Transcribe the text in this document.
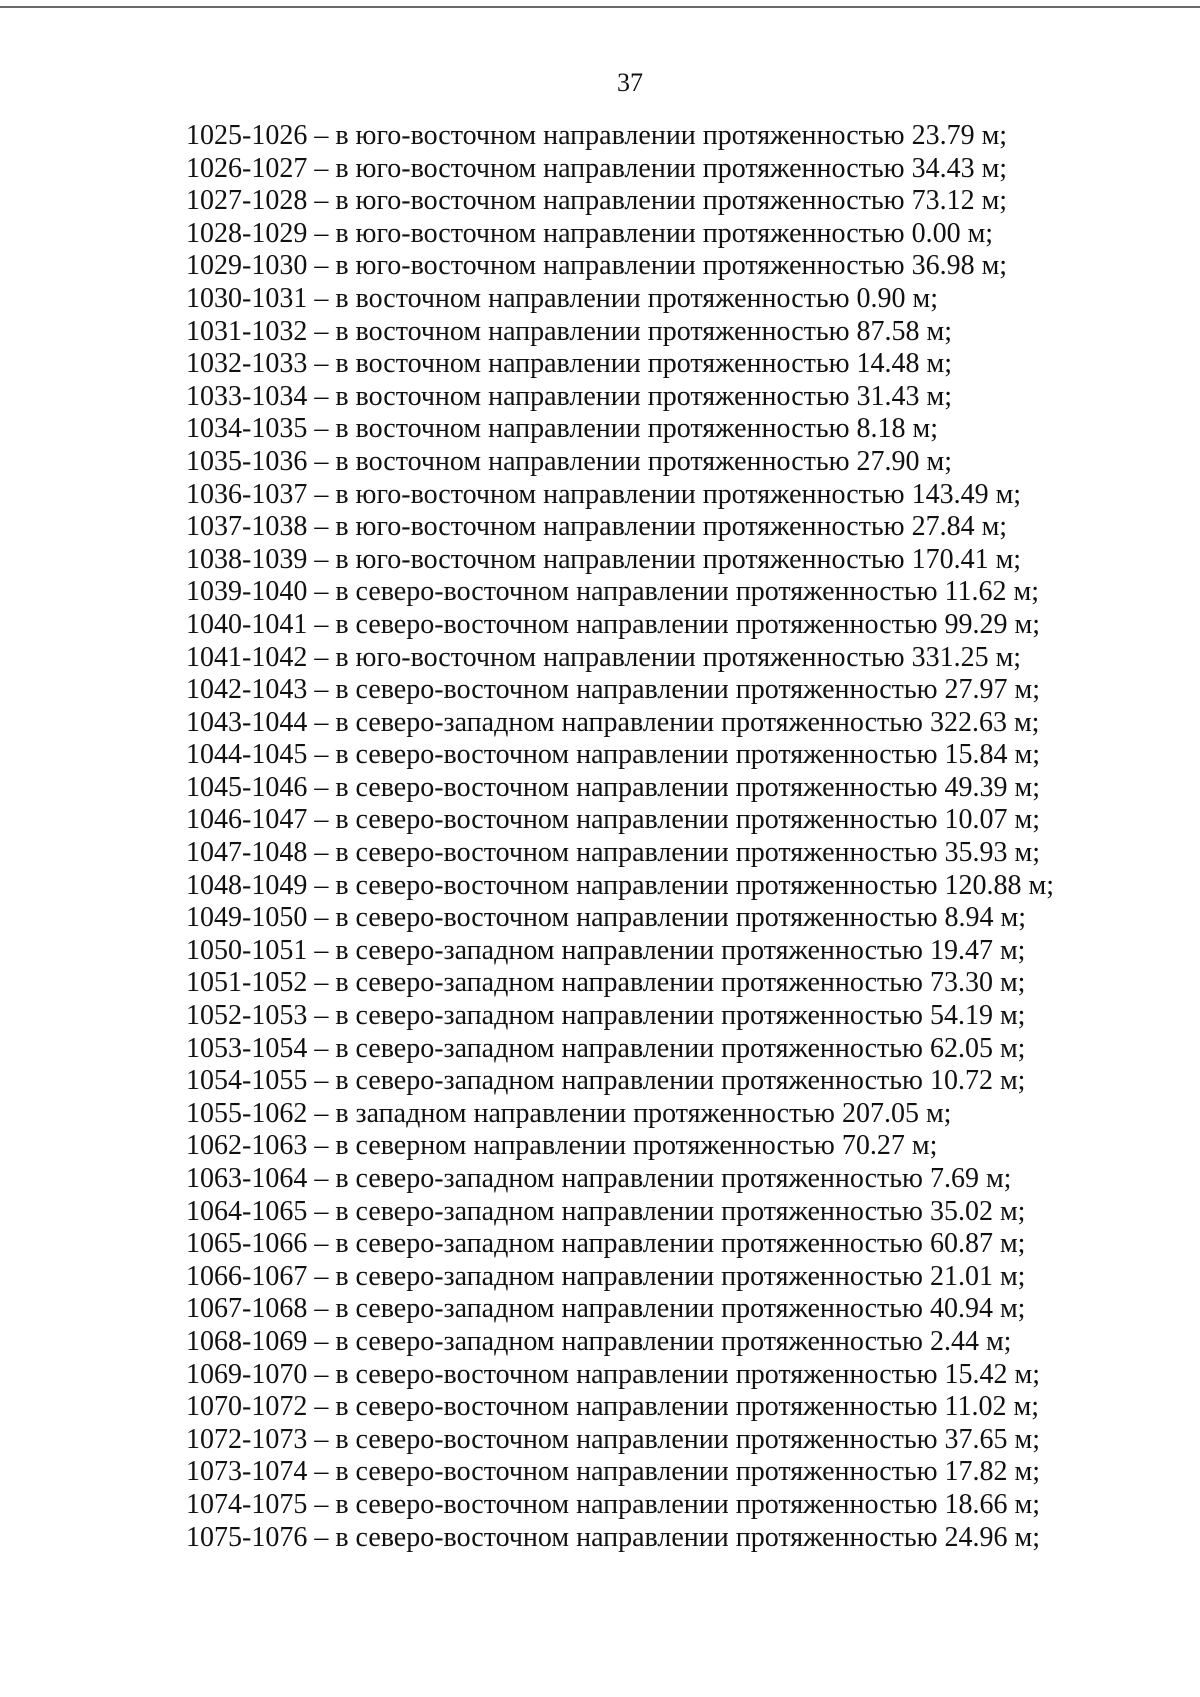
37
1025-1026 – в юго-восточном направлении протяженностью 23.79 м;
1026-1027 – в юго-восточном направлении протяженностью 34.43 м;
1027-1028 – в юго-восточном направлении протяженностью 73.12 м;
1028-1029 – в юго-восточном направлении протяженностью 0.00 м;
1029-1030 – в юго-восточном направлении протяженностью 36.98 м;
1030-1031 – в восточном направлении протяженностью 0.90 м;
1031-1032 – в восточном направлении протяженностью 87.58 м;
1032-1033 – в восточном направлении протяженностью 14.48 м;
1033-1034 – в восточном направлении протяженностью 31.43 м;
1034-1035 – в восточном направлении протяженностью 8.18 м;
1035-1036 – в восточном направлении протяженностью 27.90 м;
1036-1037 – в юго-восточном направлении протяженностью 143.49 м;
1037-1038 – в юго-восточном направлении протяженностью 27.84 м;
1038-1039 – в юго-восточном направлении протяженностью 170.41 м;
1039-1040 – в северо-восточном направлении протяженностью 11.62 м;
1040-1041 – в северо-восточном направлении протяженностью 99.29 м;
1041-1042 – в юго-восточном направлении протяженностью 331.25 м;
1042-1043 – в северо-восточном направлении протяженностью 27.97 м;
1043-1044 – в северо-западном направлении протяженностью 322.63 м;
1044-1045 – в северо-восточном направлении протяженностью 15.84 м;
1045-1046 – в северо-восточном направлении протяженностью 49.39 м;
1046-1047 – в северо-восточном направлении протяженностью 10.07 м;
1047-1048 – в северо-восточном направлении протяженностью 35.93 м;
1048-1049 – в северо-восточном направлении протяженностью 120.88 м;
1049-1050 – в северо-восточном направлении протяженностью 8.94 м;
1050-1051 – в северо-западном направлении протяженностью 19.47 м;
1051-1052 – в северо-западном направлении протяженностью 73.30 м;
1052-1053 – в северо-западном направлении протяженностью 54.19 м;
1053-1054 – в северо-западном направлении протяженностью 62.05 м;
1054-1055 – в северо-западном направлении протяженностью 10.72 м;
1055-1062 – в западном направлении протяженностью 207.05 м;
1062-1063 – в северном направлении протяженностью 70.27 м;
1063-1064 – в северо-западном направлении протяженностью 7.69 м;
1064-1065 – в северо-западном направлении протяженностью 35.02 м;
1065-1066 – в северо-западном направлении протяженностью 60.87 м;
1066-1067 – в северо-западном направлении протяженностью 21.01 м;
1067-1068 – в северо-западном направлении протяженностью 40.94 м;
1068-1069 – в северо-западном направлении протяженностью 2.44 м;
1069-1070 – в северо-восточном направлении протяженностью 15.42 м;
1070-1072 – в северо-восточном направлении протяженностью 11.02 м;
1072-1073 – в северо-восточном направлении протяженностью 37.65 м;
1073-1074 – в северо-восточном направлении протяженностью 17.82 м;
1074-1075 – в северо-восточном направлении протяженностью 18.66 м;
1075-1076 – в северо-восточном направлении протяженностью 24.96 м;
